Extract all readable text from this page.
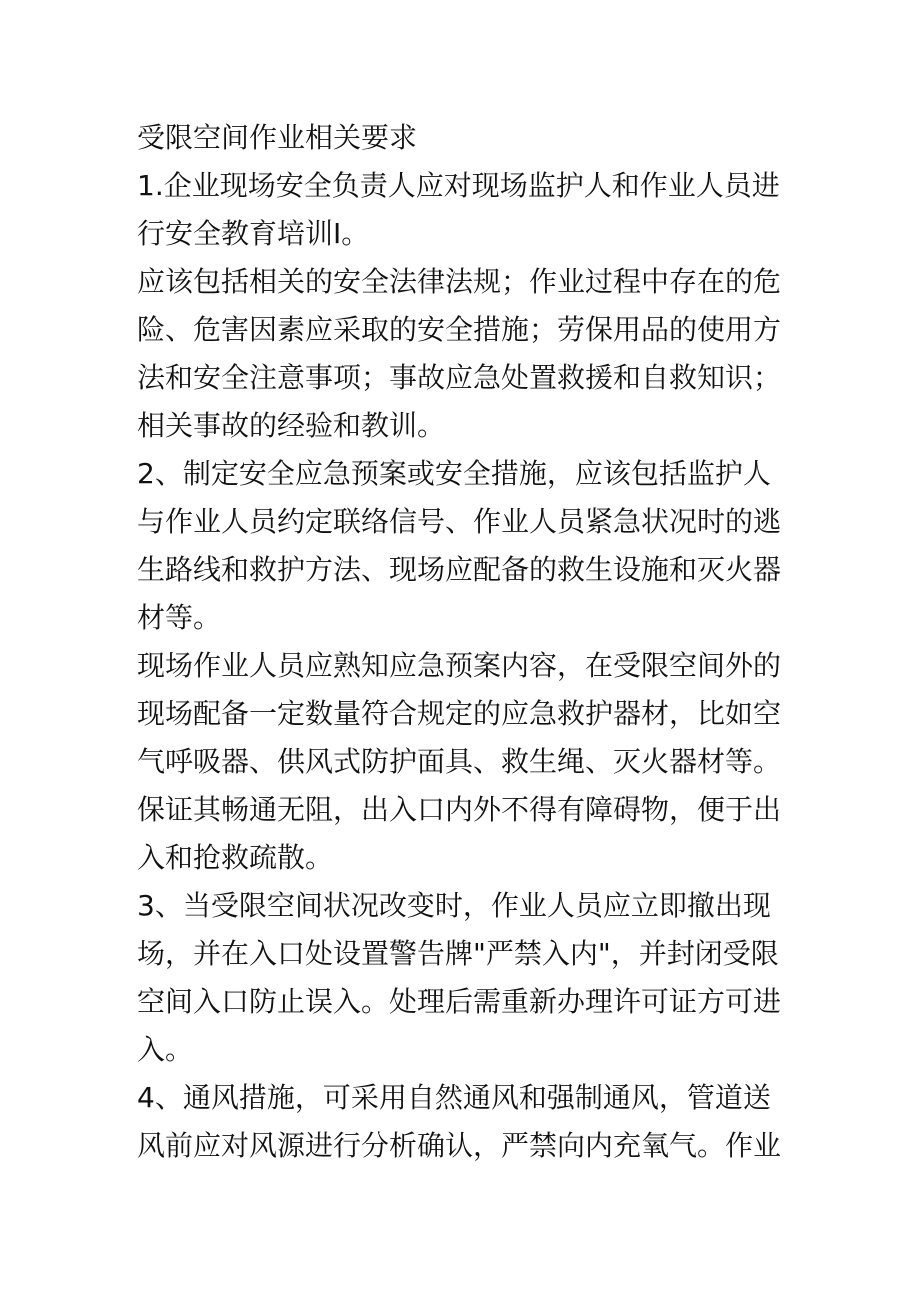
受限空间作业相关要求

1.企业现场安全负责人应对现场监护人和作业人员进

行安全教育培训I。

应该包括相关的安全法律法规；作业过程中存在的危

险、危害因素应采取的安全措施；劳保用品的使用方

法和安全注意事项；事故应急处置救援和自救知识；

相关事故的经验和教训。

2、制定安全应急预案或安全措施，应该包括监护人

与作业人员约定联络信号、作业人员紧急状况时的逃

生路线和救护方法、现场应配备的救生设施和灭火器

材等。

现场作业人员应熟知应急预案内容，在受限空间外的

现场配备一定数量符合规定的应急救护器材，比如空

气呼吸器、供风式防护面具、救生绳、灭火器材等。

保证其畅通无阻，出入口内外不得有障碍物，便于出

入和抢救疏散。

3、当受限空间状况改变时，作业人员应立即撤出现

场，并在入口处设置警告牌"严禁入内"，并封闭受限

空间入口防止误入。处理后需重新办理许可证方可进

入。

4、通风措施，可采用自然通风和强制通风，管道送

风前应对风源进行分析确认，严禁向内充氧气。作业
